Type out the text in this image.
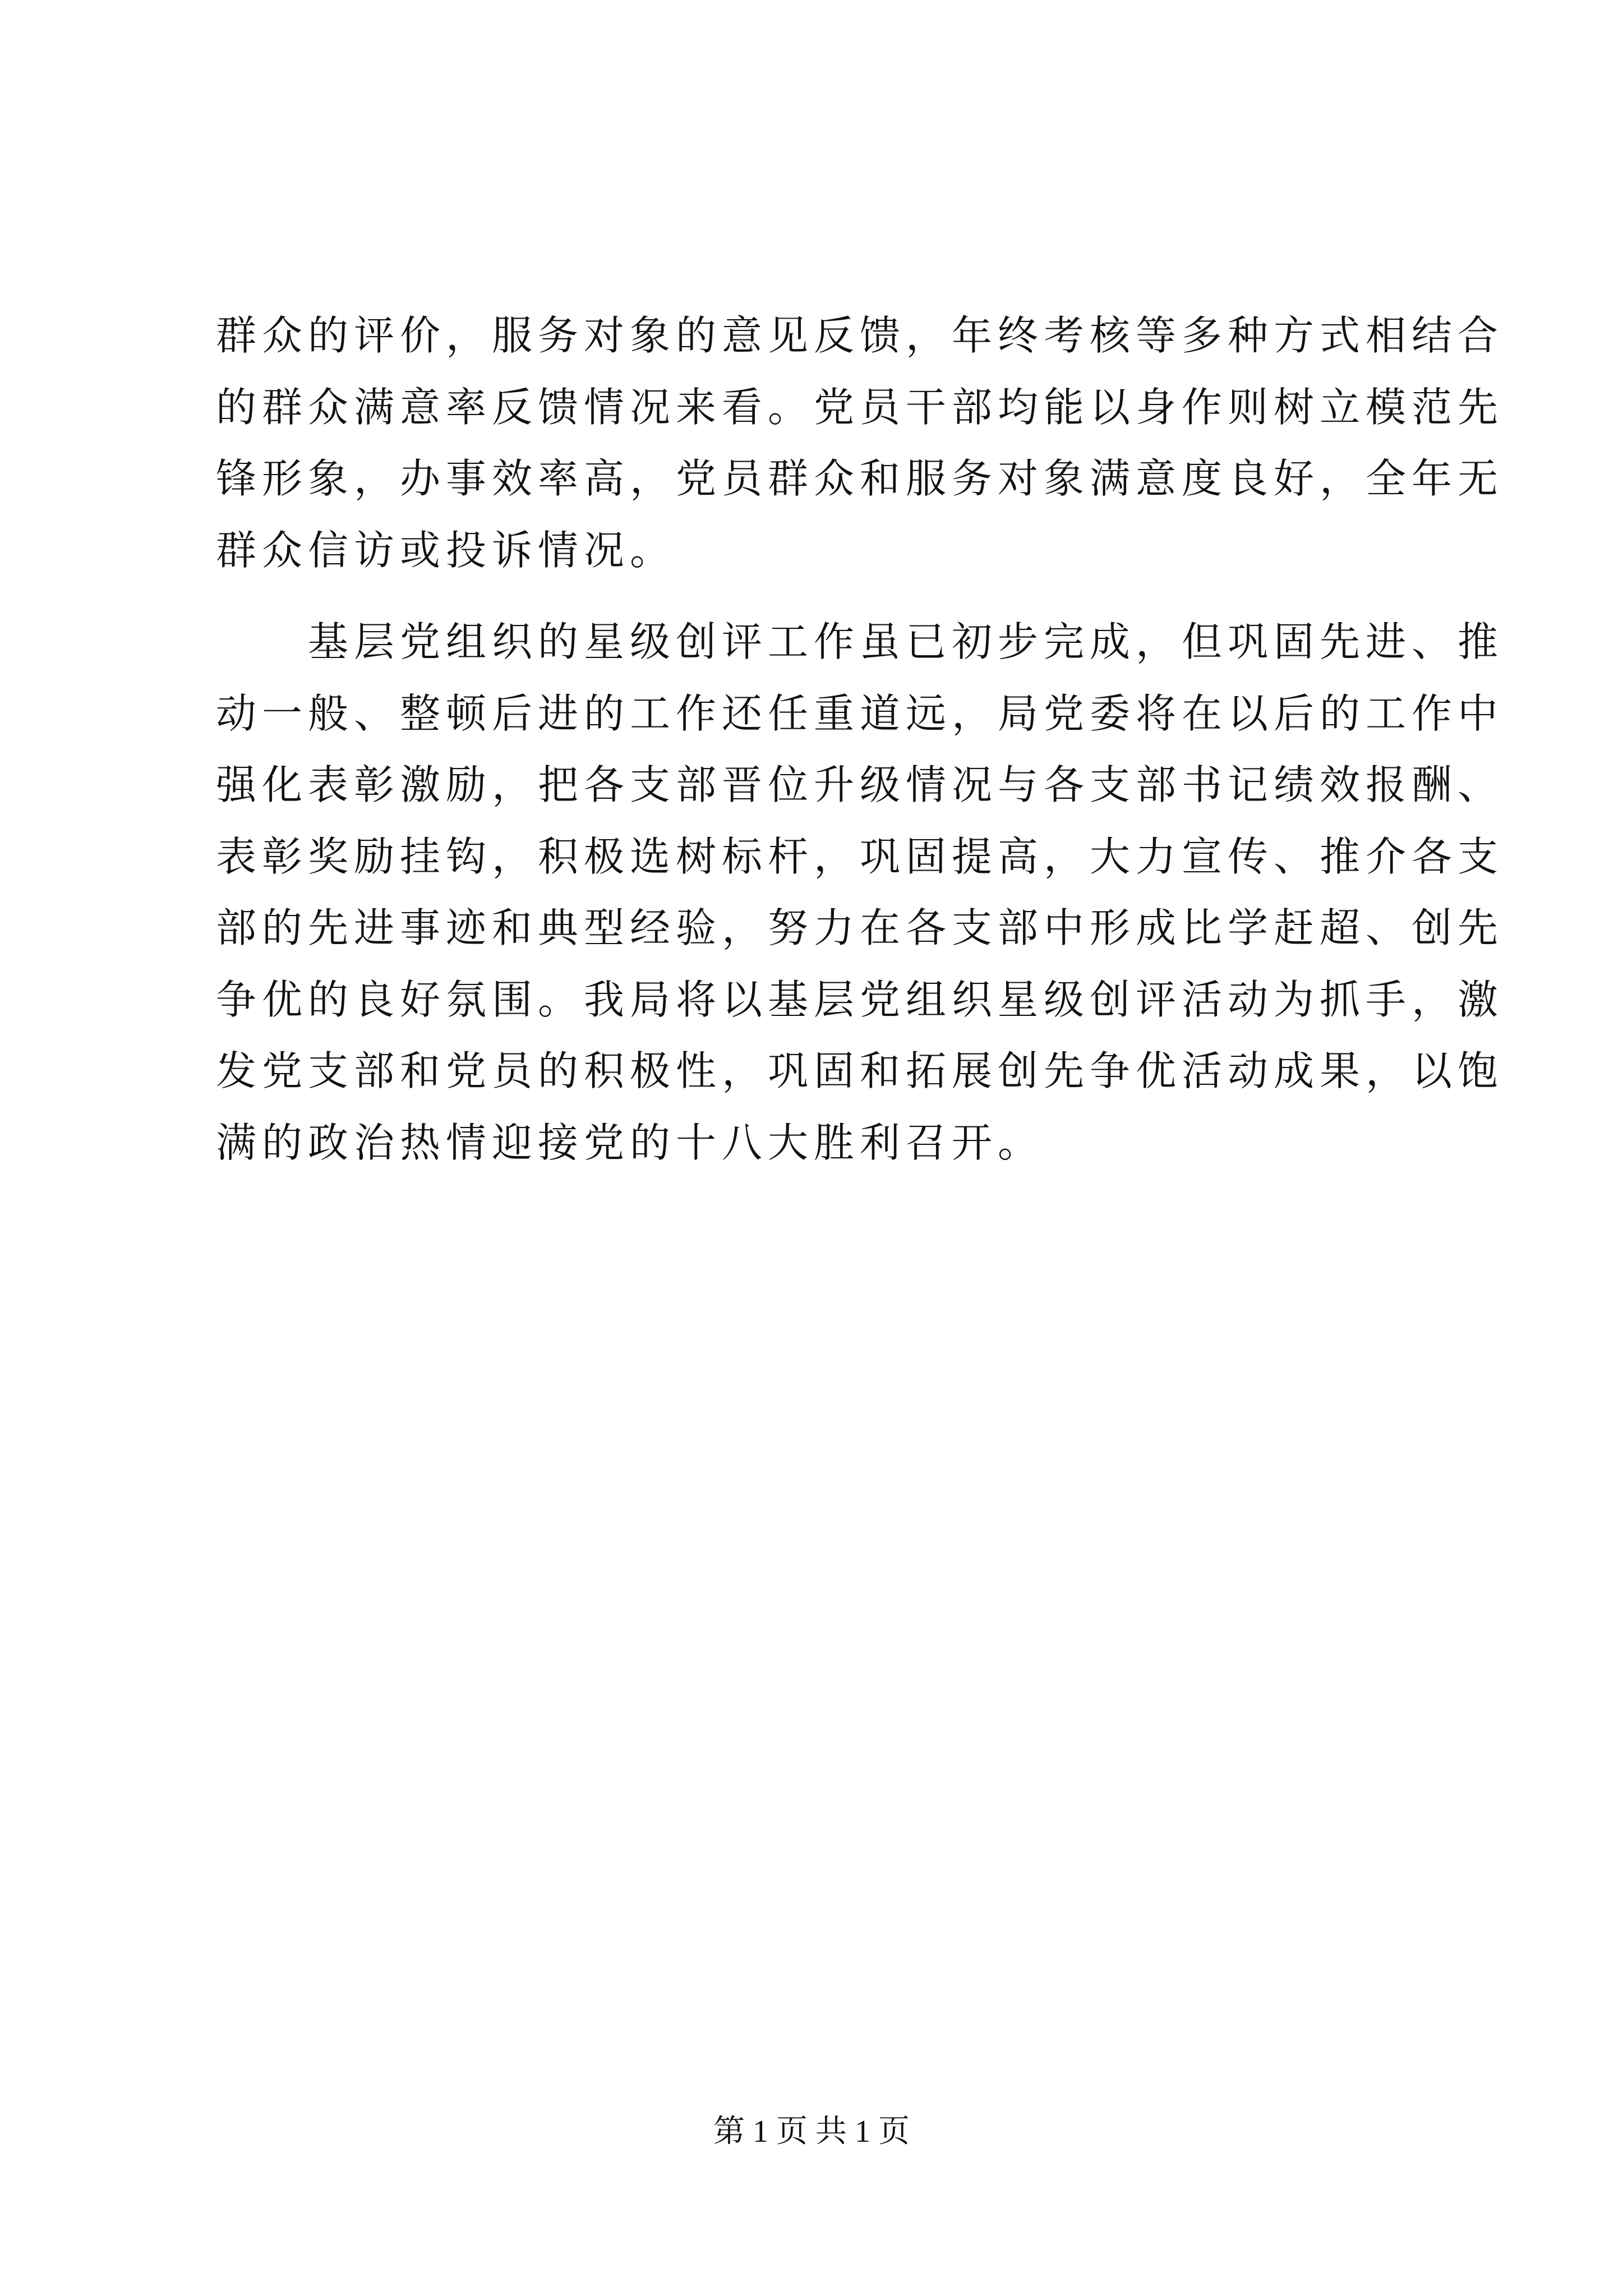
群众的评价，服务对象的意见反馈，年终考核等多种方式相结合
的群众满意率反馈情况来看。党员干部均能以身作则树立模范先
锋形象，办事效率高，党员群众和服务对象满意度良好，全年无
群众信访或投诉情况。
　　基层党组织的星级创评工作虽已初步完成，但巩固先进、推
动一般、整顿后进的工作还任重道远，局党委将在以后的工作中
强化表彰激励，把各支部晋位升级情况与各支部书记绩效报酬、
表彰奖励挂钩，积极选树标杆，巩固提高，大力宣传、推介各支
部的先进事迹和典型经验，努力在各支部中形成比学赶超、创先
争优的良好氛围。我局将以基层党组织星级创评活动为抓手，激
发党支部和党员的积极性，巩固和拓展创先争优活动成果，以饱
满的政治热情迎接党的十八大胜利召开。
第 1 页 共 1 页
